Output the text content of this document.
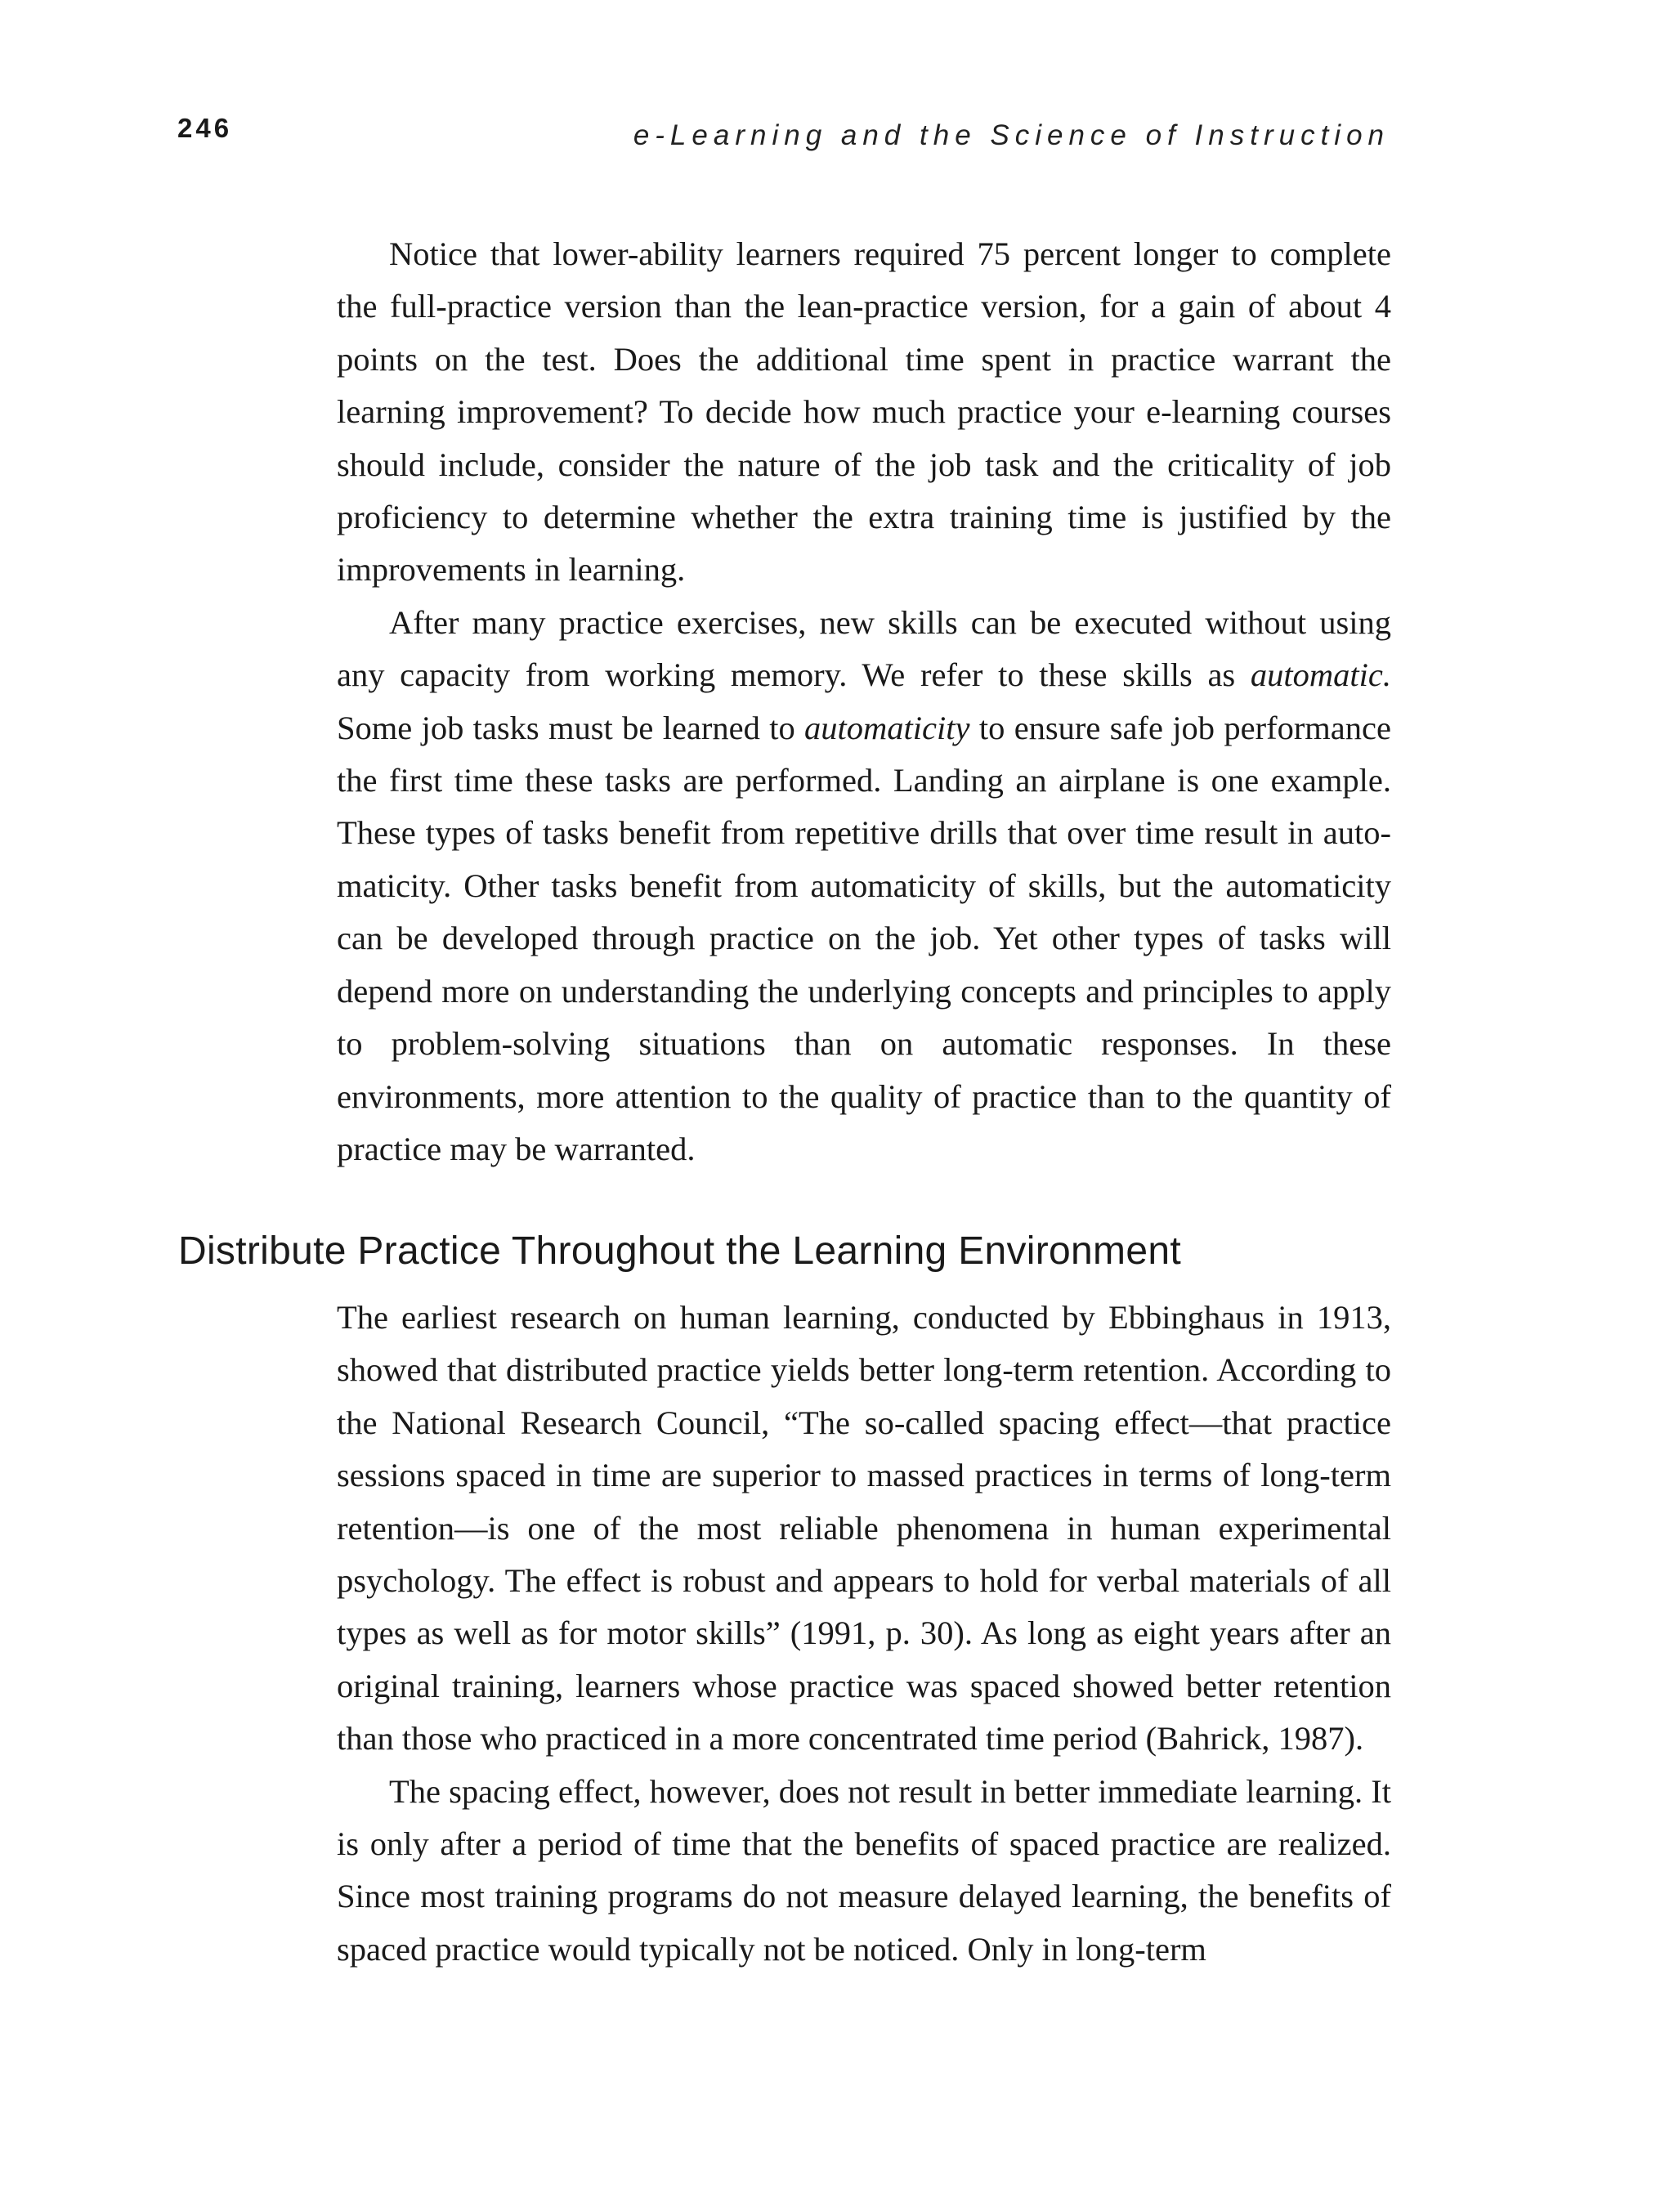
246	e-Learning and the Science of Instruction

Notice that lower-ability learners required 75 percent longer to complete the full-practice version than the lean-practice version, for a gain of about 4 points on the test. Does the additional time spent in practice warrant the learning improvement? To decide how much practice your e-learning courses should include, consider the nature of the job task and the criticality of job proficiency to determine whether the extra training time is justified by the improvements in learning.

After many practice exercises, new skills can be executed without using any capacity from working memory. We refer to these skills as automatic. Some job tasks must be learned to automaticity to ensure safe job performance the first time these tasks are performed. Landing an airplane is one example. These types of tasks benefit from repetitive drills that over time result in automaticity. Other tasks benefit from automaticity of skills, but the automaticity can be developed through practice on the job. Yet other types of tasks will depend more on understanding the underlying concepts and principles to apply to problem-solving situations than on automatic responses. In these environments, more attention to the quality of practice than to the quantity of practice may be warranted.

Distribute Practice Throughout the Learning Environment

The earliest research on human learning, conducted by Ebbinghaus in 1913, showed that distributed practice yields better long-term retention. According to the National Research Council, “The so-called spacing effect—that practice sessions spaced in time are superior to massed practices in terms of long-term retention—is one of the most reliable phenomena in human experimental psychology. The effect is robust and appears to hold for verbal materials of all types as well as for motor skills” (1991, p. 30). As long as eight years after an original training, learners whose practice was spaced showed better retention than those who practiced in a more concentrated time period (Bahrick, 1987).

The spacing effect, however, does not result in better immediate learning. It is only after a period of time that the benefits of spaced practice are realized. Since most training programs do not measure delayed learning, the benefits of spaced practice would typically not be noticed. Only in long-term
